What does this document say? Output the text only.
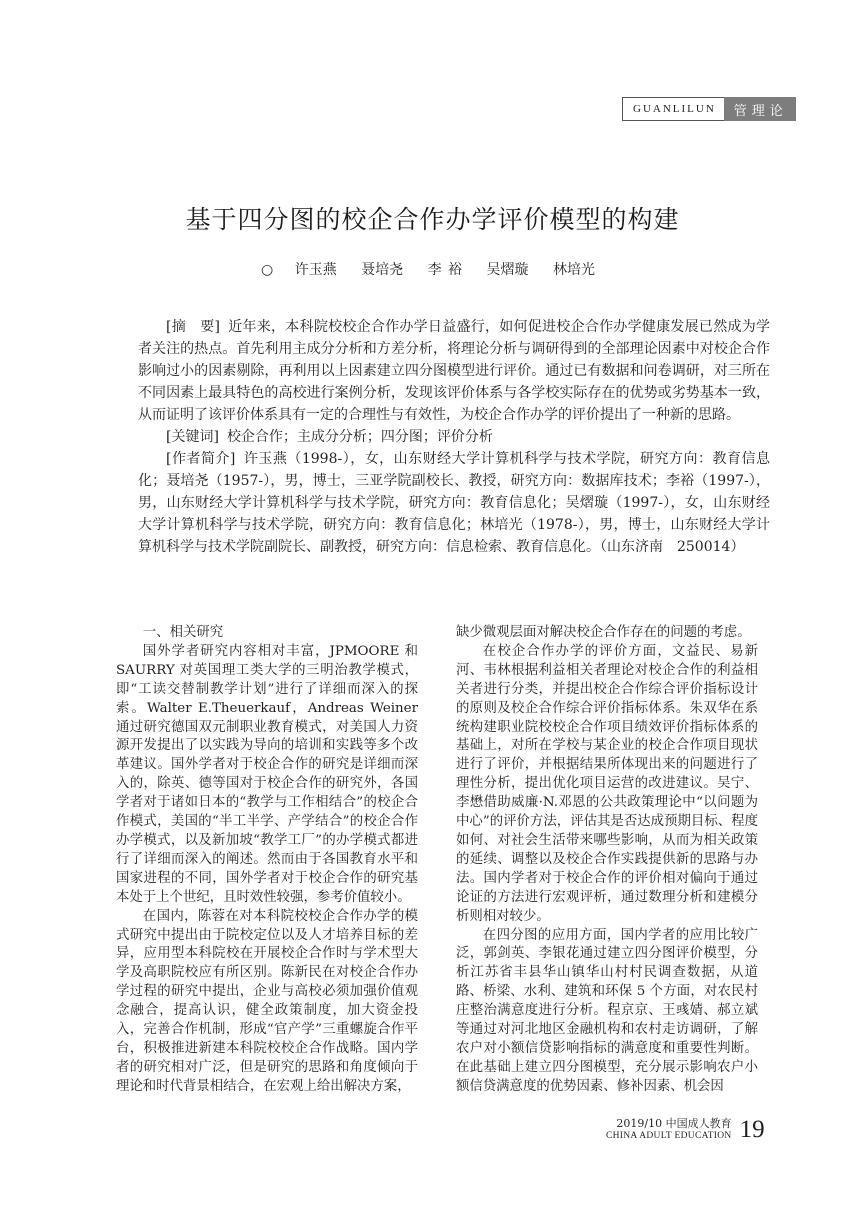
GUANLILUN	管理论
基于四分图的校企合作办学评价模型的构建
○ 许玉燕 聂培尧 李 裕 吴熠璇 林培光

[摘　要] 近年来，本科院校校企合作办学日益盛行，如何促进校企合作办学健康发展已然成为学者关注的热点。首先利用主成分分析和方差分析，将理论分析与调研得到的全部理论因素中对校企合作影响过小的因素剔除，再利用以上因素建立四分图模型进行评价。通过已有数据和问卷调研，对三所在不同因素上最具特色的高校进行案例分析，发现该评价体系与各学校实际存在的优势或劣势基本一致，从而证明了该评价体系具有一定的合理性与有效性，为校企合作办学的评价提出了一种新的思路。

[关键词] 校企合作；主成分分析；四分图；评价分析

[作者简介] 许玉燕（1998-），女，山东财经大学计算机科学与技术学院，研究方向：教育信息化；聂培尧（1957-），男，博士，三亚学院副校长、教授，研究方向：数据库技术；李裕（1997-），男，山东财经大学计算机科学与技术学院，研究方向：教育信息化；吴熠璇（1997-），女，山东财经大学计算机科学与技术学院，研究方向：教育信息化；林培光（1978-），男，博士，山东财经大学计算机科学与技术学院副院长、副教授，研究方向：信息检索、教育信息化。（山东济南　250014）

一、相关研究

国外学者研究内容相对丰富，JPMOORE 和 SAURRY 对英国理工类大学的三明治教学模式，即“工读交替制教学计划”进行了详细而深入的探索。Walter E.Theuerkauf，Andreas Weiner 通过研究德国双元制职业教育模式，对美国人力资源开发提出了以实践为导向的培训和实践等多个改革建议。国外学者对于校企合作的研究是详细而深入的，除英、德等国对于校企合作的研究外，各国学者对于诸如日本的“教学与工作相结合”的校企合作模式，美国的“半工半学、产学结合”的校企合作办学模式，以及新加坡“教学工厂”的办学模式都进行了详细而深入的阐述。然而由于各国教育水平和国家进程的不同，国外学者对于校企合作的研究基本处于上个世纪，且时效性较强，参考价值较小。

在国内，陈蓉在对本科院校校企合作办学的模式研究中提出由于院校定位以及人才培养目标的差异，应用型本科院校在开展校企合作时与学术型大学及高职院校应有所区别。陈新民在对校企合作办学过程的研究中提出，企业与高校必须加强价值观念融合，提高认识，健全政策制度，加大资金投入，完善合作机制，形成“官产学”三重螺旋合作平台，积极推进新建本科院校校企合作战略。国内学者的研究相对广泛，但是研究的思路和角度倾向于理论和时代背景相结合，在宏观上给出解决方案，

缺少微观层面对解决校企合作存在的问题的考虑。

在校企合作办学的评价方面，文益民、易新河、韦林根据利益相关者理论对校企合作的利益相关者进行分类，并提出校企合作综合评价指标设计的原则及校企合作综合评价指标体系。朱双华在系统构建职业院校校企合作项目绩效评价指标体系的基础上，对所在学校与某企业的校企合作项目现状进行了评价，并根据结果所体现出来的问题进行了理性分析，提出优化项目运营的改进建议。吴宁、李懋借助威廉·N.邓恩的公共政策理论中“以问题为中心”的评价方法，评估其是否达成预期目标、程度如何、对社会生活带来哪些影响，从而为相关政策的延续、调整以及校企合作实践提供新的思路与办法。国内学者对于校企合作的评价相对偏向于通过论证的方法进行宏观评析，通过数理分析和建模分析则相对较少。

在四分图的应用方面，国内学者的应用比较广泛，郭剑英、李银花通过建立四分图评价模型，分析江苏省丰县华山镇华山村村民调查数据，从道路、桥梁、水利、建筑和环保 5 个方面，对农民村庄整治满意度进行分析。程京京、王彧婧、郝立斌等通过对河北地区金融机构和农村走访调研，了解农户对小额信贷影响指标的满意度和重要性判断。在此基础上建立四分图模型，充分展示影响农户小额信贷满意度的优势因素、修补因素、机会因

2019/10 中国成人教育
CHINA ADULT EDUCATION 19
